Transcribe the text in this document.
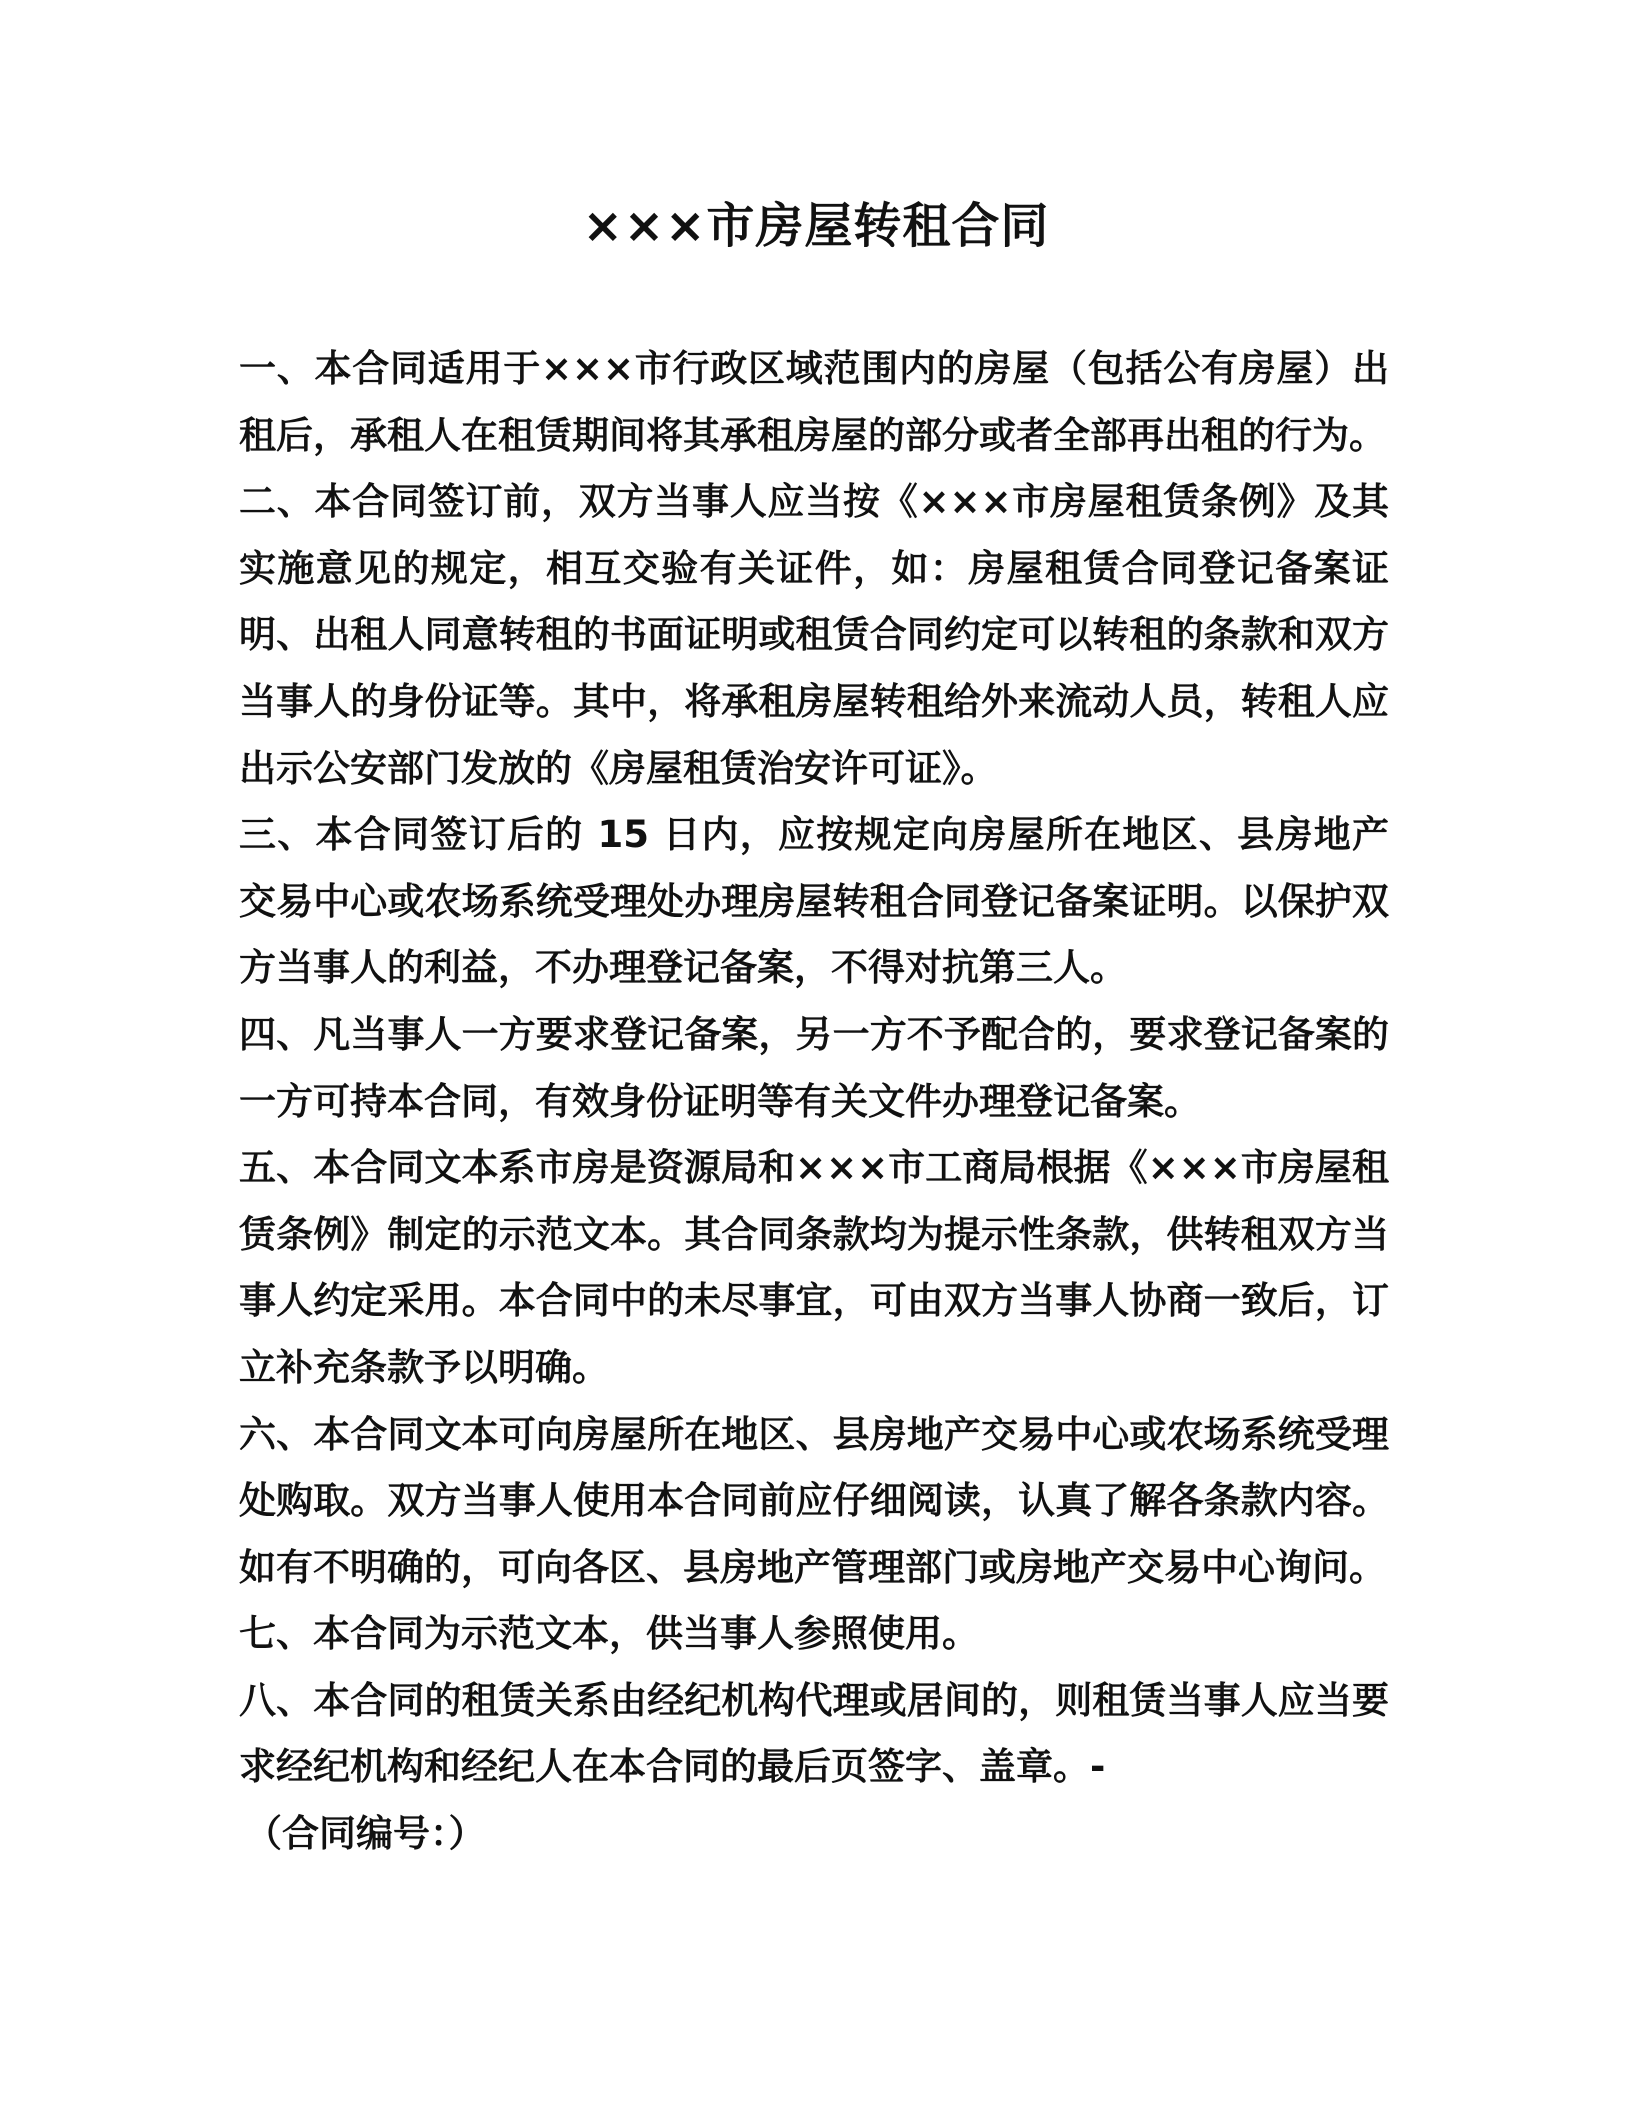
×××市房屋转租合同

一、本合同适用于×××市行政区域范围内的房屋（包括公有房屋）出租后，承租人在租赁期间将其承租房屋的部分或者全部再出租的行为。

二、本合同签订前，双方当事人应当按《×××市房屋租赁条例》及其实施意见的规定，相互交验有关证件，如：房屋租赁合同登记备案证明、出租人同意转租的书面证明或租赁合同约定可以转租的条款和双方当事人的身份证等。其中，将承租房屋转租给外来流动人员，转租人应出示公安部门发放的《房屋租赁治安许可证》。

三、本合同签订后的 15 日内，应按规定向房屋所在地区、县房地产交易中心或农场系统受理处办理房屋转租合同登记备案证明。以保护双方当事人的利益，不办理登记备案，不得对抗第三人。

四、凡当事人一方要求登记备案，另一方不予配合的，要求登记备案的一方可持本合同，有效身份证明等有关文件办理登记备案。

五、本合同文本系市房是资源局和×××市工商局根据《×××市房屋租赁条例》制定的示范文本。其合同条款均为提示性条款，供转租双方当事人约定采用。本合同中的未尽事宜，可由双方当事人协商一致后，订立补充条款予以明确。

六、本合同文本可向房屋所在地区、县房地产交易中心或农场系统受理处购取。双方当事人使用本合同前应仔细阅读，认真了解各条款内容。如有不明确的，可向各区、县房地产管理部门或房地产交易中心询问。

七、本合同为示范文本，供当事人参照使用。

八、本合同的租赁关系由经纪机构代理或居间的，则租赁当事人应当要求经纪机构和经纪人在本合同的最后页签字、盖章。-

（合同编号：）
